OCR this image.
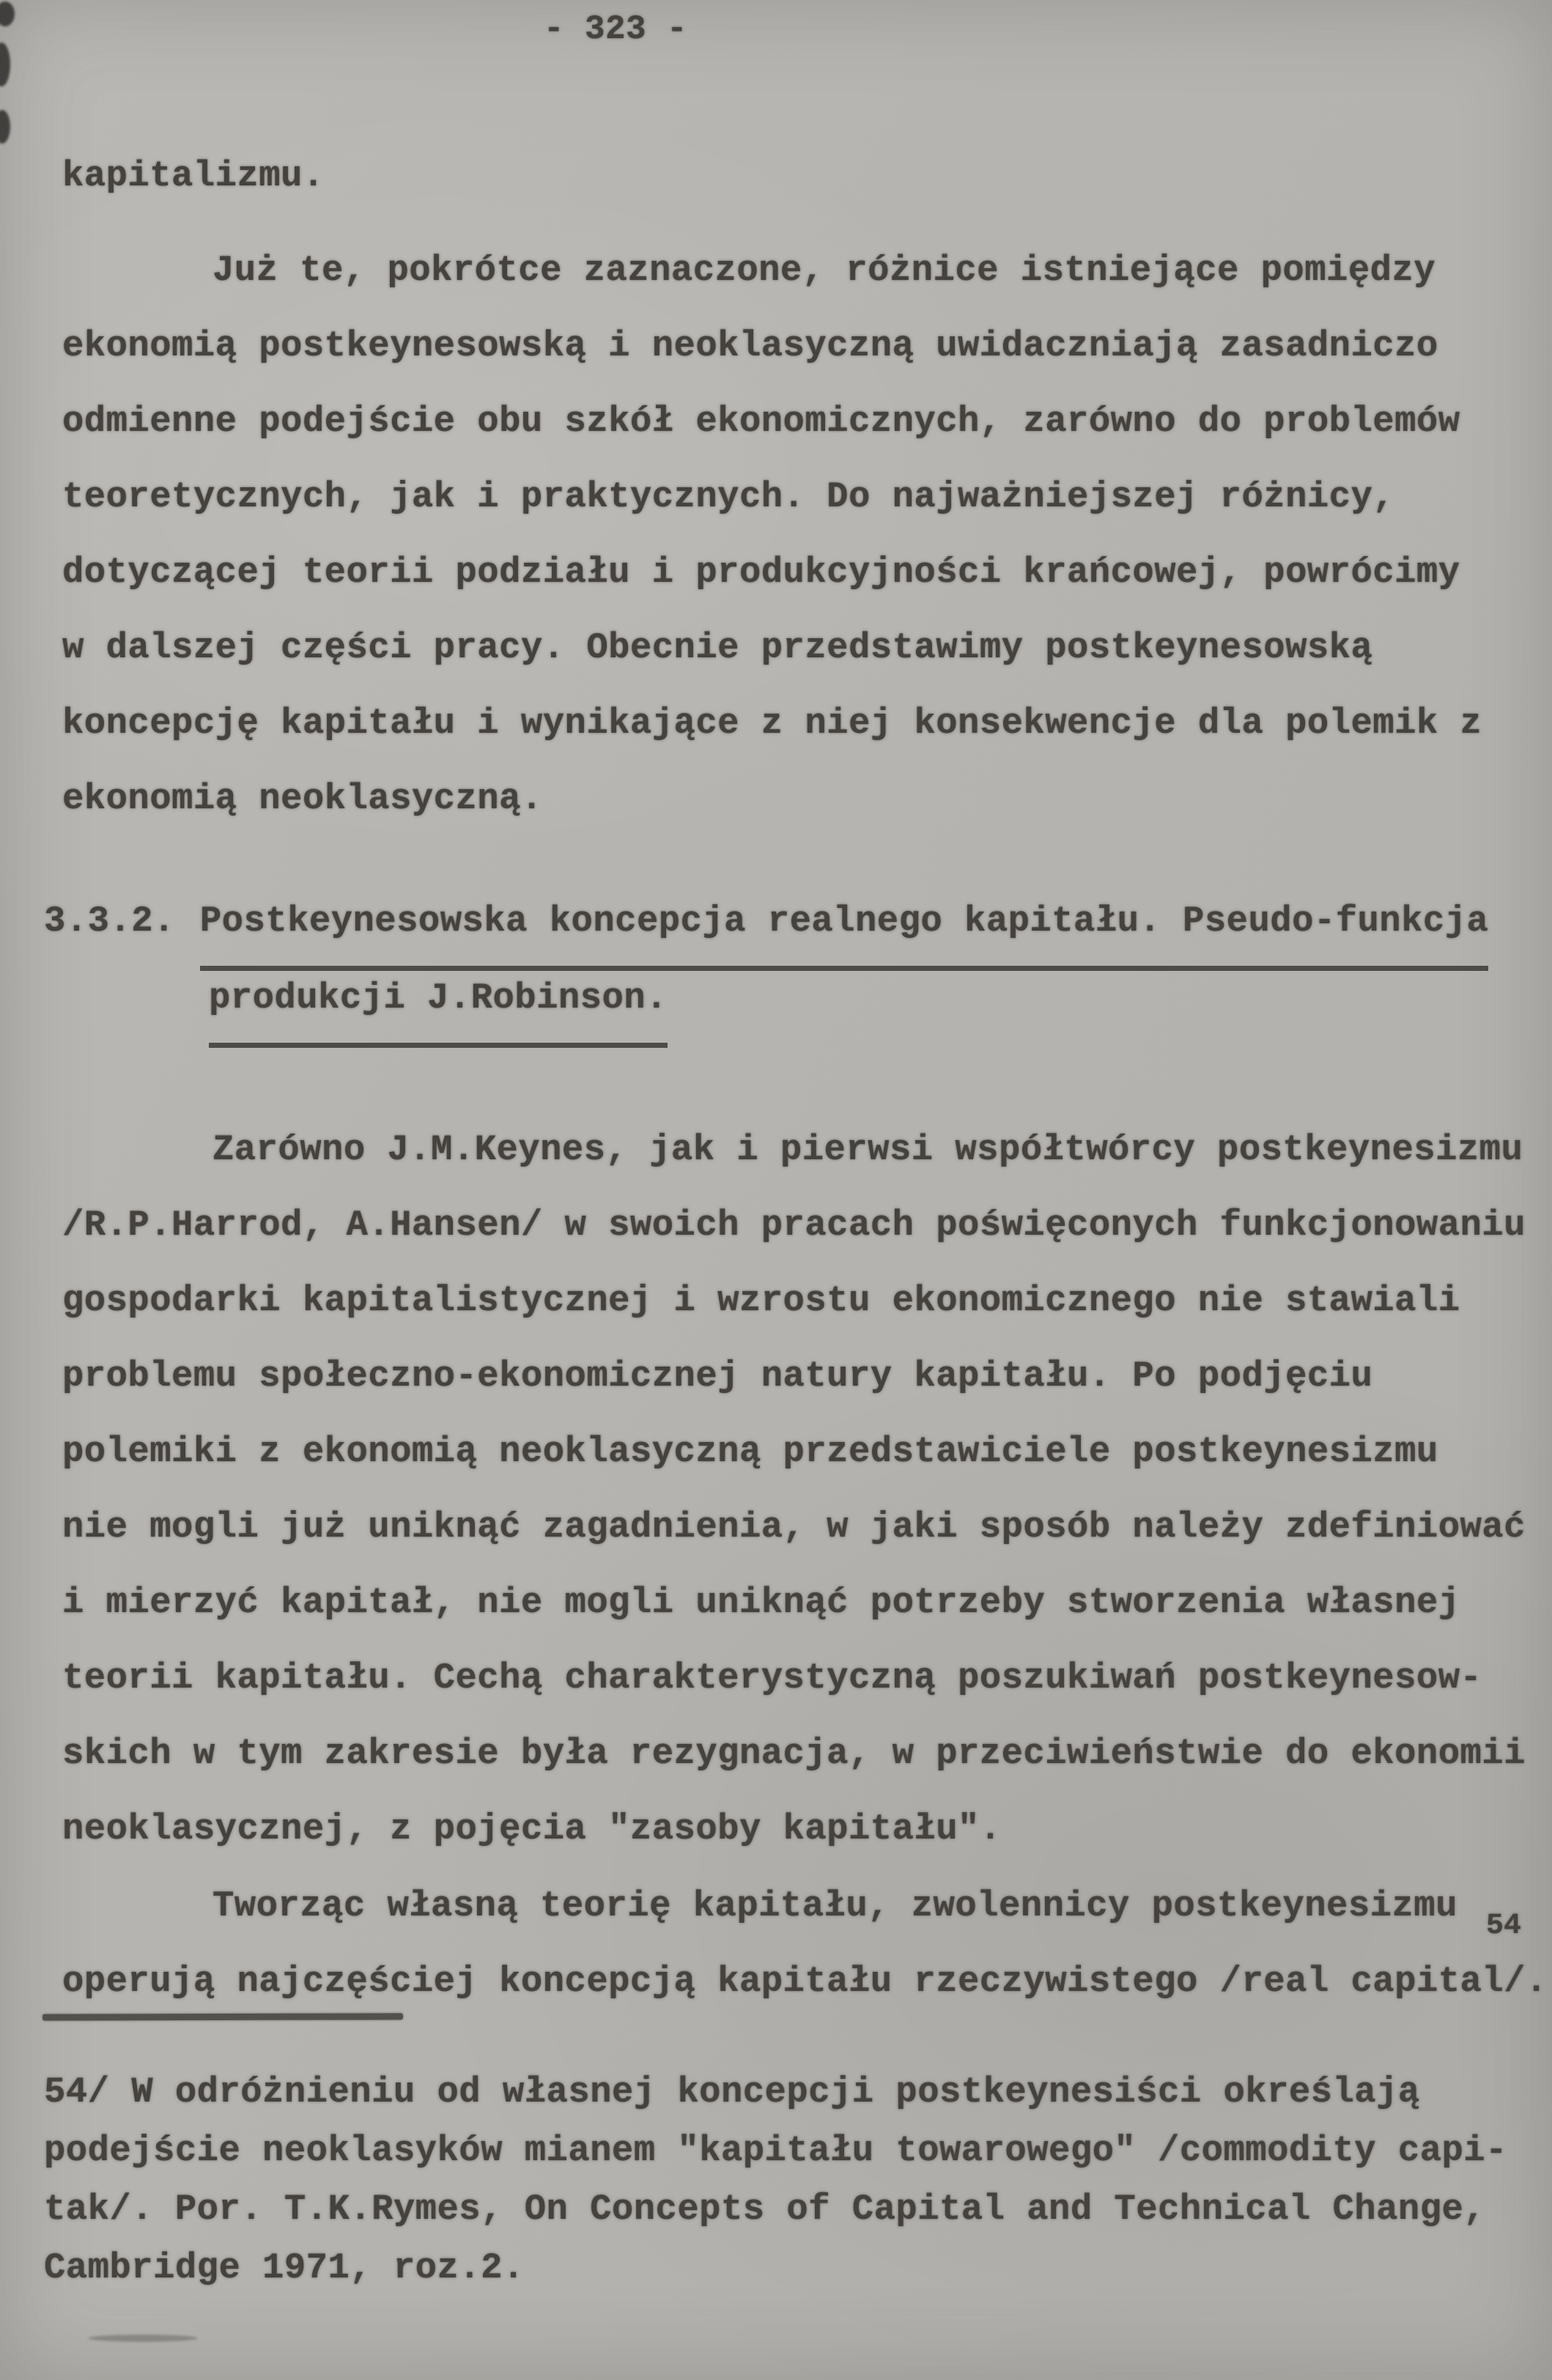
- 323 -
kapitalizmu.
Już te, pokrótce zaznaczone, różnice istniejące pomiędzy
ekonomią postkeynesowską i neoklasyczną uwidaczniają zasadniczo
odmienne podejście obu szkół ekonomicznych, zarówno do problemów
teoretycznych, jak i praktycznych. Do najważniejszej różnicy,
dotyczącej teorii podziału i produkcyjności krańcowej, powrócimy
w dalszej części pracy. Obecnie przedstawimy postkeynesowską
koncepcję kapitału i wynikające z niej konsekwencje dla polemik z
ekonomią neoklasyczną.
3.3.2. Postkeynesowska koncepcja realnego kapitału. Pseudo-funkcja
produkcji J.Robinson.
Zarówno J.M.Keynes, jak i pierwsi współtwórcy postkeynesizmu
/R.P.Harrod, A.Hansen/ w swoich pracach poświęconych funkcjonowaniu
gospodarki kapitalistycznej i wzrostu ekonomicznego nie stawiali
problemu społeczno-ekonomicznej natury kapitału. Po podjęciu
polemiki z ekonomią neoklasyczną przedstawiciele postkeynesizmu
nie mogli już uniknąć zagadnienia, w jaki sposób należy zdefiniować
i mierzyć kapitał, nie mogli uniknąć potrzeby stworzenia własnej
teorii kapitału. Cechą charakterystyczną poszukiwań postkeynesow-
skich w tym zakresie była rezygnacja, w przeciwieństwie do ekonomii
neoklasycznej, z pojęcia "zasoby kapitału".
Tworząc własną teorię kapitału, zwolennicy postkeynesizmu
operują najczęściej koncepcją kapitału rzeczywistego /real capital/.
54
54/ W odróżnieniu od własnej koncepcji postkeynesiści określają
podejście neoklasyków mianem "kapitału towarowego" /commodity capi-
tak/. Por. T.K.Rymes, On Concepts of Capital and Technical Change,
Cambridge 1971, roz.2.
